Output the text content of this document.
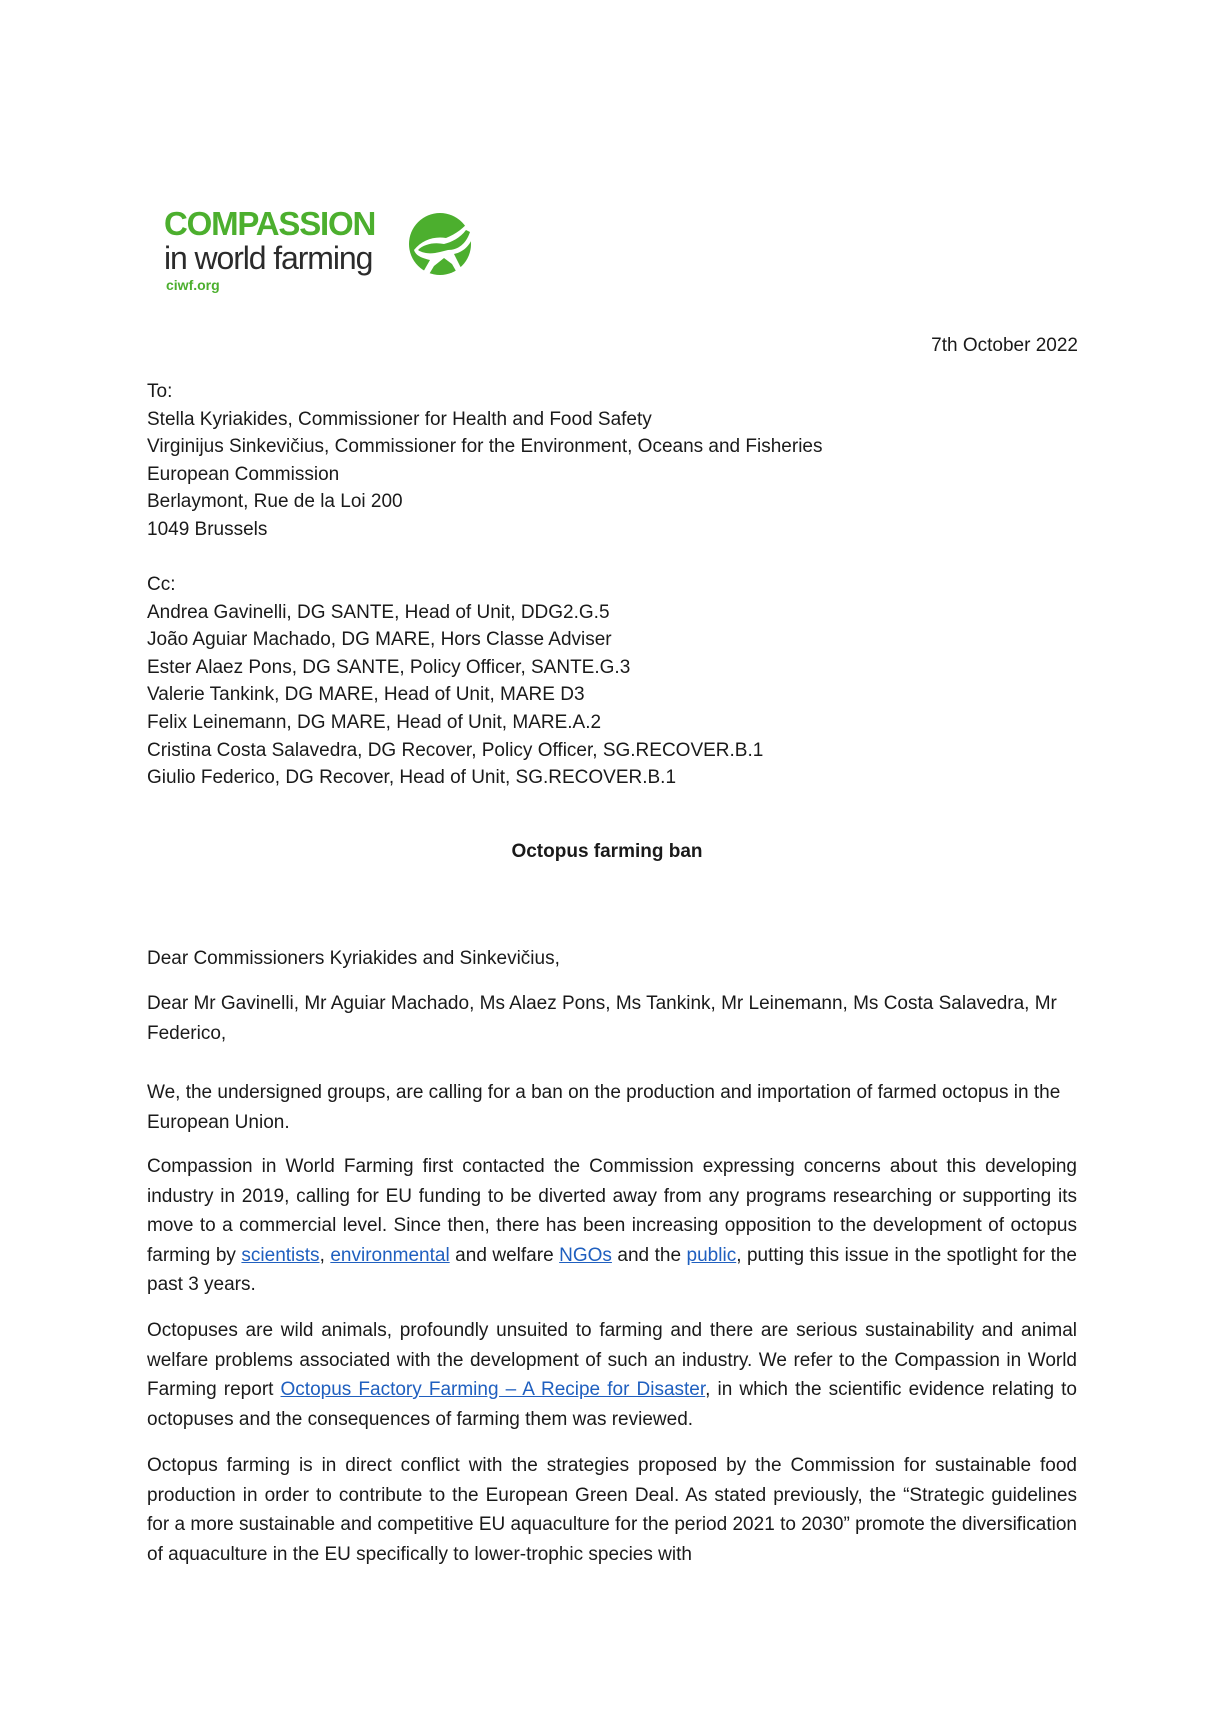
COMPASSION
in world farming
ciwf.org
7th October 2022
To:
Stella Kyriakides, Commissioner for Health and Food Safety
Virginijus Sinkevičius, Commissioner for the Environment, Oceans and Fisheries
European Commission
Berlaymont, Rue de la Loi 200
1049 Brussels
Cc:
Andrea Gavinelli, DG SANTE, Head of Unit, DDG2.G.5
João Aguiar Machado, DG MARE, Hors Classe Adviser
Ester Alaez Pons, DG SANTE, Policy Officer, SANTE.G.3
Valerie Tankink, DG MARE, Head of Unit, MARE D3
Felix Leinemann, DG MARE, Head of Unit, MARE.A.2
Cristina Costa Salavedra, DG Recover, Policy Officer, SG.RECOVER.B.1
Giulio Federico, DG Recover, Head of Unit, SG.RECOVER.B.1
Octopus farming ban
Dear Commissioners Kyriakides and Sinkevičius,
Dear Mr Gavinelli, Mr Aguiar Machado, Ms Alaez Pons, Ms Tankink, Mr Leinemann, Ms Costa Salavedra, Mr Federico,
We, the undersigned groups, are calling for a ban on the production and importation of farmed octopus in the European Union.
Compassion in World Farming first contacted the Commission expressing concerns about this developing industry in 2019, calling for EU funding to be diverted away from any programs researching or supporting its move to a commercial level. Since then, there has been increasing opposition to the development of octopus farming by scientists, environmental and welfare NGOs and the public, putting this issue in the spotlight for the past 3 years.
Octopuses are wild animals, profoundly unsuited to farming and there are serious sustainability and animal welfare problems associated with the development of such an industry. We refer to the Compassion in World Farming report Octopus Factory Farming – A Recipe for Disaster, in which the scientific evidence relating to octopuses and the consequences of farming them was reviewed.
Octopus farming is in direct conflict with the strategies proposed by the Commission for sustainable food production in order to contribute to the European Green Deal. As stated previously, the “Strategic guidelines for a more sustainable and competitive EU aquaculture for the period 2021 to 2030” promote the diversification of aquaculture in the EU specifically to lower-trophic species with
